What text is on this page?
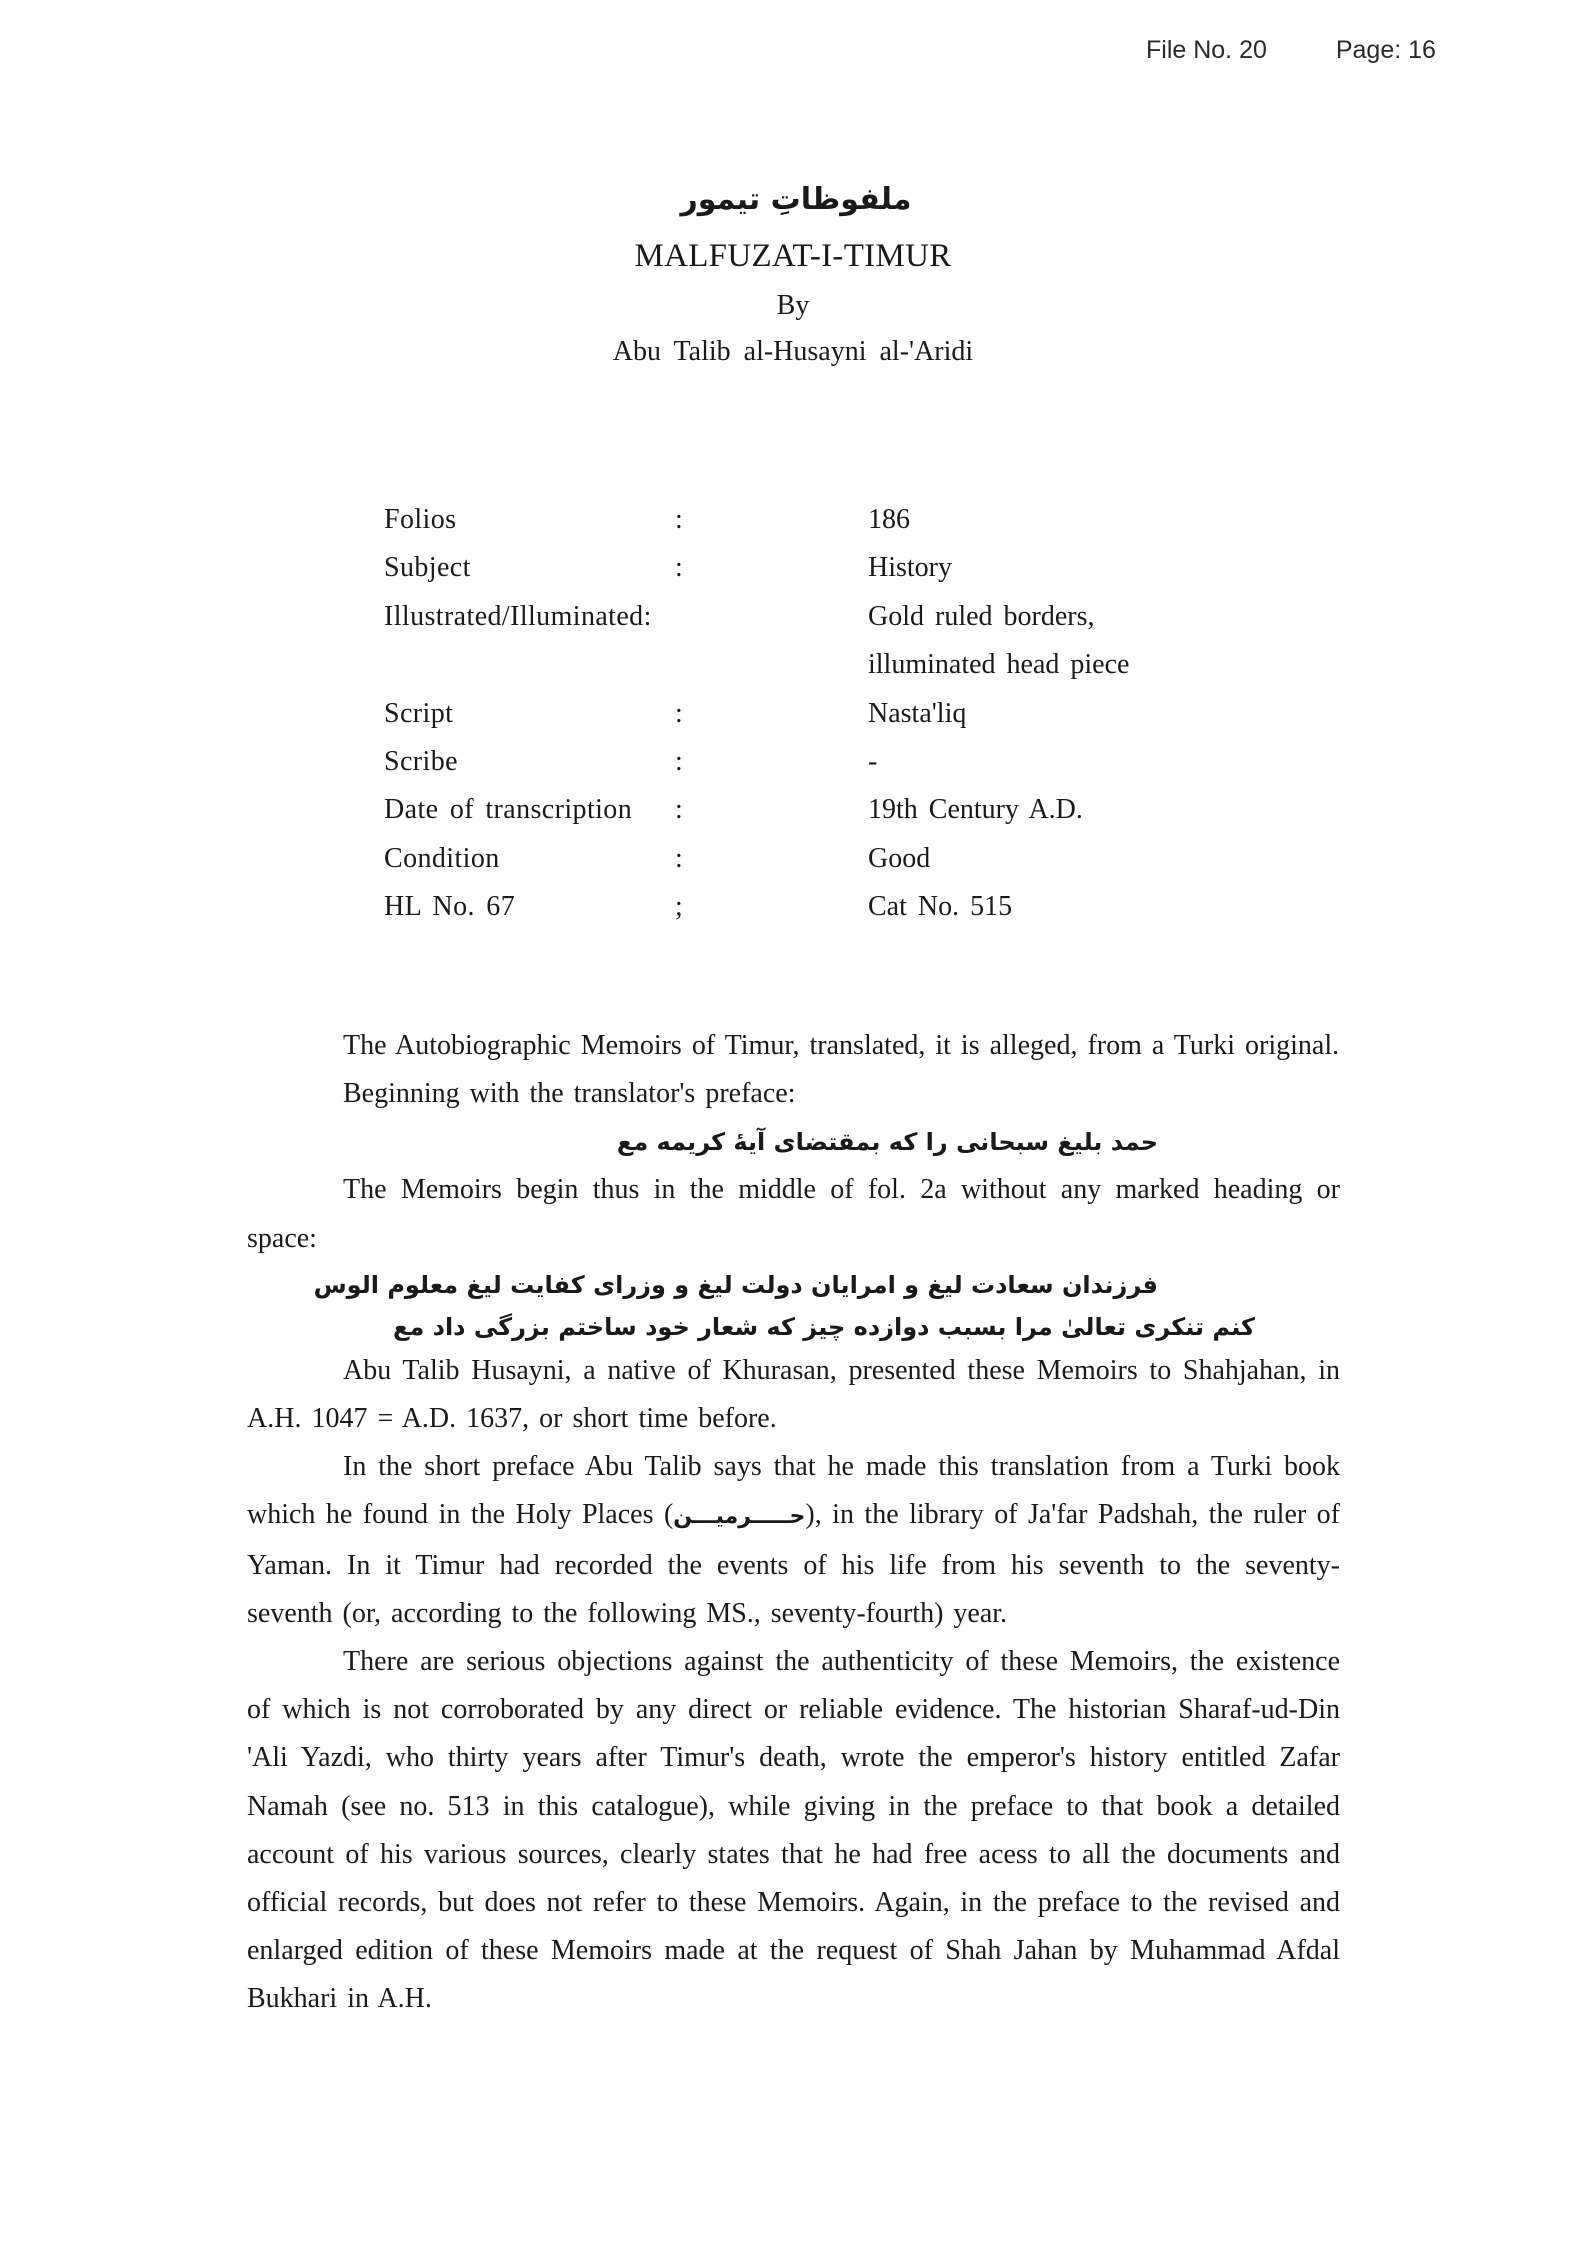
File No. 20	Page: 16
ملفوظاتِ تیمور
MALFUZAT-I-TIMUR
By
Abu Talib al-Husayni al-'Aridi
Folios	:	186
Subject	:	History
Illustrated/Illuminated:	Gold ruled borders,
illuminated head piece
Script	:	Nasta'liq
Scribe	:	-
Date of transcription :	19th Century A.D.
Condition	:	Good
HL No. 67	;	Cat No. 515

The Autobiographic Memoirs of Timur, translated, it is alleged, from a Turki original.

Beginning with the translator's preface:

حمد بلیغ سبحانی را که بمقتضای آیهٔ کریمه مع

The Memoirs begin thus in the middle of fol. 2a without any marked heading or space:

فرزندان سعادت لیغ و امرایان دولت لیغ و وزرای کفایت لیغ معلوم الوس
کنم تنکری تعالیٰ مرا بسبب دوازده چیز که شعار خود ساختم بزرگی داد مع

Abu Talib Husayni, a native of Khurasan, presented these Memoirs to Shahjahan, in A.H. 1047 = A.D. 1637, or short time before.

In the short preface Abu Talib says that he made this translation from a Turki book which he found in the Holy Places (حـــــرمیـــن), in the library of Ja'far Padshah, the ruler of Yaman. In it Timur had recorded the events of his life from his seventh to the seventy-seventh (or, according to the following MS., seventy-fourth) year.

There are serious objections against the authenticity of these Memoirs, the existence of which is not corroborated by any direct or reliable evidence. The historian Sharaf-ud-Din 'Ali Yazdi, who thirty years after Timur's death, wrote the emperor's history entitled Zafar Namah (see no. 513 in this catalogue), while giving in the preface to that book a detailed account of his various sources, clearly states that he had free acess to all the documents and official records, but does not refer to these Memoirs. Again, in the preface to the revised and enlarged edition of these Memoirs made at the request of Shah Jahan by Muhammad Afdal Bukhari in A.H.
